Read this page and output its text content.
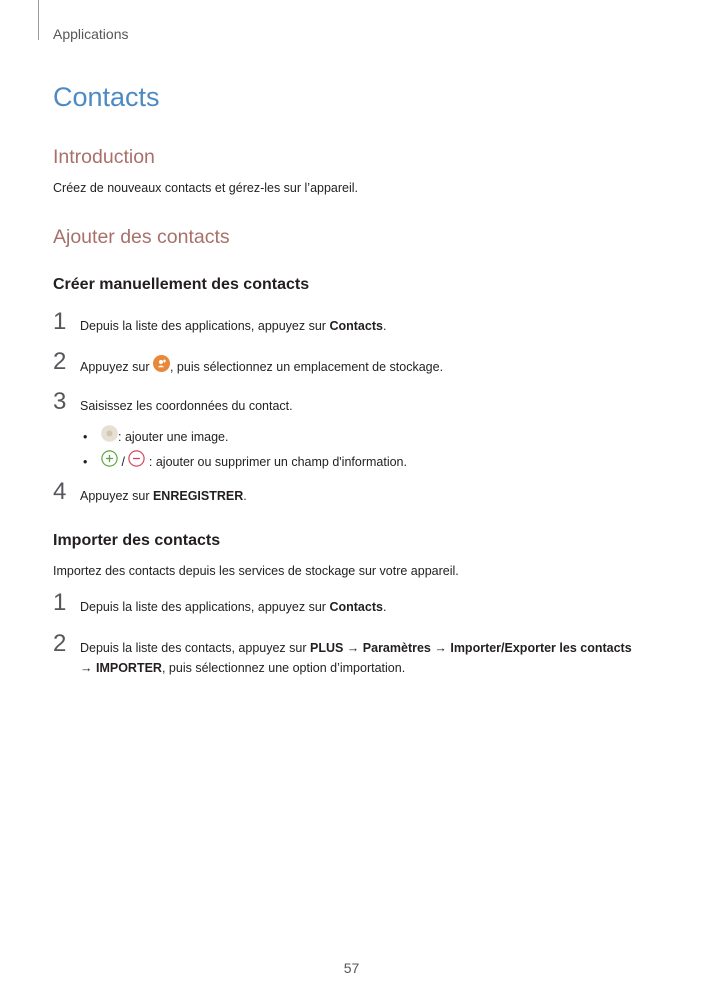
Applications
Contacts
Introduction

Créez de nouveaux contacts et gérez-les sur l’appareil.

Ajouter des contacts
Créer manuellement des contacts
1 Depuis la liste des applications, appuyez sur Contacts.
2 Appuyez sur , puis sélectionnez un emplacement de stockage.
3 Saisissez les coordonnées du contact.
• : ajouter une image.
• /  : ajouter ou supprimer un champ d'information.
4 Appuyez sur ENREGISTRER.
Importer des contacts

Importez des contacts depuis les services de stockage sur votre appareil.

1 Depuis la liste des applications, appuyez sur Contacts.
2 Depuis la liste des contacts, appuyez sur PLUS → Paramètres → Importer/Exporter les contacts → IMPORTER, puis sélectionnez une option d’importation.
57
